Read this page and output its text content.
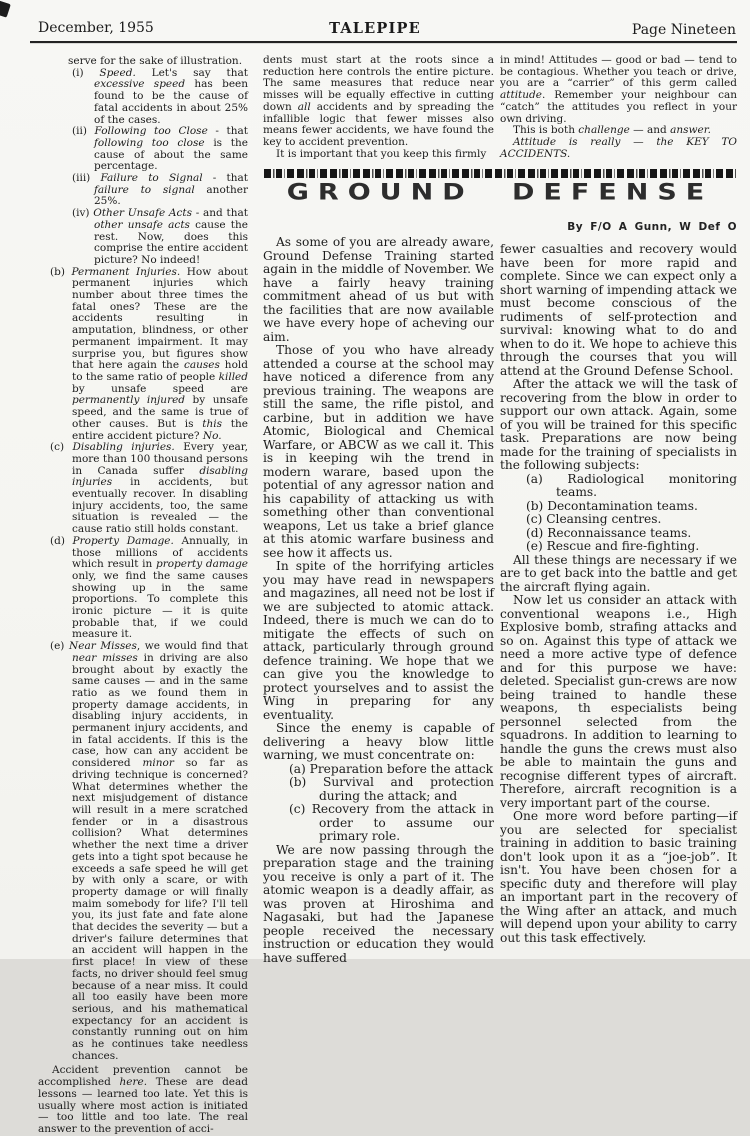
December, 1955	TALEPIPE	Page Nineteen

serve for the sake of illustration.

(i) Speed. Let's say that excessive speed has been found to be the cause of fatal accidents in about 25% of the cases.

(ii) Following too Close - that following too close is the cause of about the same percentage.

(iii) Failure to Signal - that failure to signal another 25%.

(iv) Other Unsafe Acts - and that other unsafe acts cause the rest. Now, does this comprise the entire accident picture? No indeed!

(b) Permanent Injuries. How about permanent injuries which number about three times the fatal ones? These are the accidents resulting in amputation, blindness, or other permanent impairment. It may surprise you, but figures show that here again the causes hold to the same ratio of people killed by unsafe speed are permanently injured by unsafe speed, and the same is true of other causes. But is this the entire accident picture? No.

(c) Disabling injuries. Every year, more than 100 thousand persons in Canada suffer disabling injuries in accidents, but eventually recover. In disabling injury accidents, too, the same situation is revealed — the cause ratio still holds constant.

(d) Property Damage. Annually, in those millions of accidents which result in property damage only, we find the same causes showing up in the same proportions. To complete this ironic picture — it is quite probable that, if we could measure it.

(e) Near Misses, we would find that near misses in driving are also brought about by exactly the same causes — and in the same ratio as we found them in property damage accidents, in disabling injury accidents, in permanent injury accidents, and in fatal accidents. If this is the case, how can any accident be considered minor so far as driving technique is concerned? What determines whether the next misjudgement of distance will result in a mere scratched fender or in a disastrous collision? What determines whether the next time a driver gets into a tight spot because he exceeds a safe speed he will get by with only a scare, or with property damage or will finally maim somebody for life? I'll tell you, its just fate and fate alone that decides the severity — but a driver's failure determines that an accident will happen in the first place! In view of these facts, no driver should feel smug because of a near miss. It could all too easily have been more serious, and his mathematical expectancy for an accident is constantly running out on him as he continues take needless chances.

Accident prevention cannot be accomplished here. These are dead lessons — learned too late. Yet this is usually where most action is initiated — too little and too late. The real answer to the prevention of acci-

dents must start at the roots since a reduction here controls the entire picture. The same measures that reduce near misses will be equally effective in cutting down all accidents and by spreading the infallible logic that fewer misses also means fewer accidents, we have found the key to accident prevention.

It is important that you keep this firmly

in mind! Attitudes — good or bad — tend to be contagious. Whether you teach or drive, you are a “carrier” of this germ called attitude. Remember your neighbour can “catch” the attitudes you reflect in your own driving.

This is both challenge — and answer.

Attitude is really — the KEY TO ACCIDENTS.

GROUND DEFENSE
By F/O A Gunn, W Def O

As some of you are already aware, Ground Defense Training started again in the middle of November. We have a fairly heavy training commitment ahead of us but with the facilities that are now available we have every hope of acheving our aim.

Those of you who have already attended a course at the school may have noticed a diference from any previous training. The weapons are still the same, the rifle pistol, and carbine, but in addition we have Atomic, Biological and Chemical Warfare, or ABCW as we call it. This is in keeping wih the trend in modern warare, based upon the potential of any agressor nation and his capability of attacking us with something other than conventional weapons, Let us take a brief glance at this atomic warfare business and see how it affects us.

In spite of the horrifying articles you may have read in newspapers and magazines, all need not be lost if we are subjected to atomic attack. Indeed, there is much we can do to mitigate the effects of such on attack, particularly through ground defence training. We hope that we can give you the knowledge to protect yourselves and to assist the Wing in preparing for any eventuality.

Since the enemy is capable of delivering a heavy blow little warning, we must concentrate on:

(a) Preparation before the attack

(b) Survival and protection during the attack; and

(c) Recovery from the attack in order to assume our primary role.

We are now passing through the preparation stage and the training you receive is only a part of it. The atomic weapon is a deadly affair, as was proven at Hiroshima and Nagasaki, but had the Japanese people received the necessary instruction or education they would have suffered

fewer casualties and recovery would have been for more rapid and complete. Since we can expect only a short warning of impending attack we must become conscious of the rudiments of self-protection and survival: knowing what to do and when to do it. We hope to achieve this through the courses that you will attend at the Ground Defense School.

After the attack we will the task of recovering from the blow in order to support our own attack. Again, some of you will be trained for this specific task. Preparations are now being made for the training of specialists in the following subjects:

(a) Radiological monitoring teams.

(b) Decontamination teams.

(c) Cleansing centres.

(d) Reconnaissance teams.

(e) Rescue and fire-fighting.

All these things are necessary if we are to get back into the battle and get the aircraft flying again.

Now let us consider an attack with conventional weapons i.e., High Explosive bomb, strafing attacks and so on. Against this type of attack we need a more active type of defence and for this purpose we have: deleted. Specialist gun-crews are now being trained to handle these weapons, th especialists being personnel selected from the squadrons. In addition to learning to handle the guns the crews must also be able to maintain the guns and recognise different types of aircraft. Therefore, aircraft recognition is a very important part of the course.

One more word before parting—if you are selected for specialist training in addition to basic training don't look upon it as a “joe-job”. It isn't. You have been chosen for a specific duty and therefore will play an important part in the recovery of the Wing after an attack, and much will depend upon your ability to carry out this task effectively.
